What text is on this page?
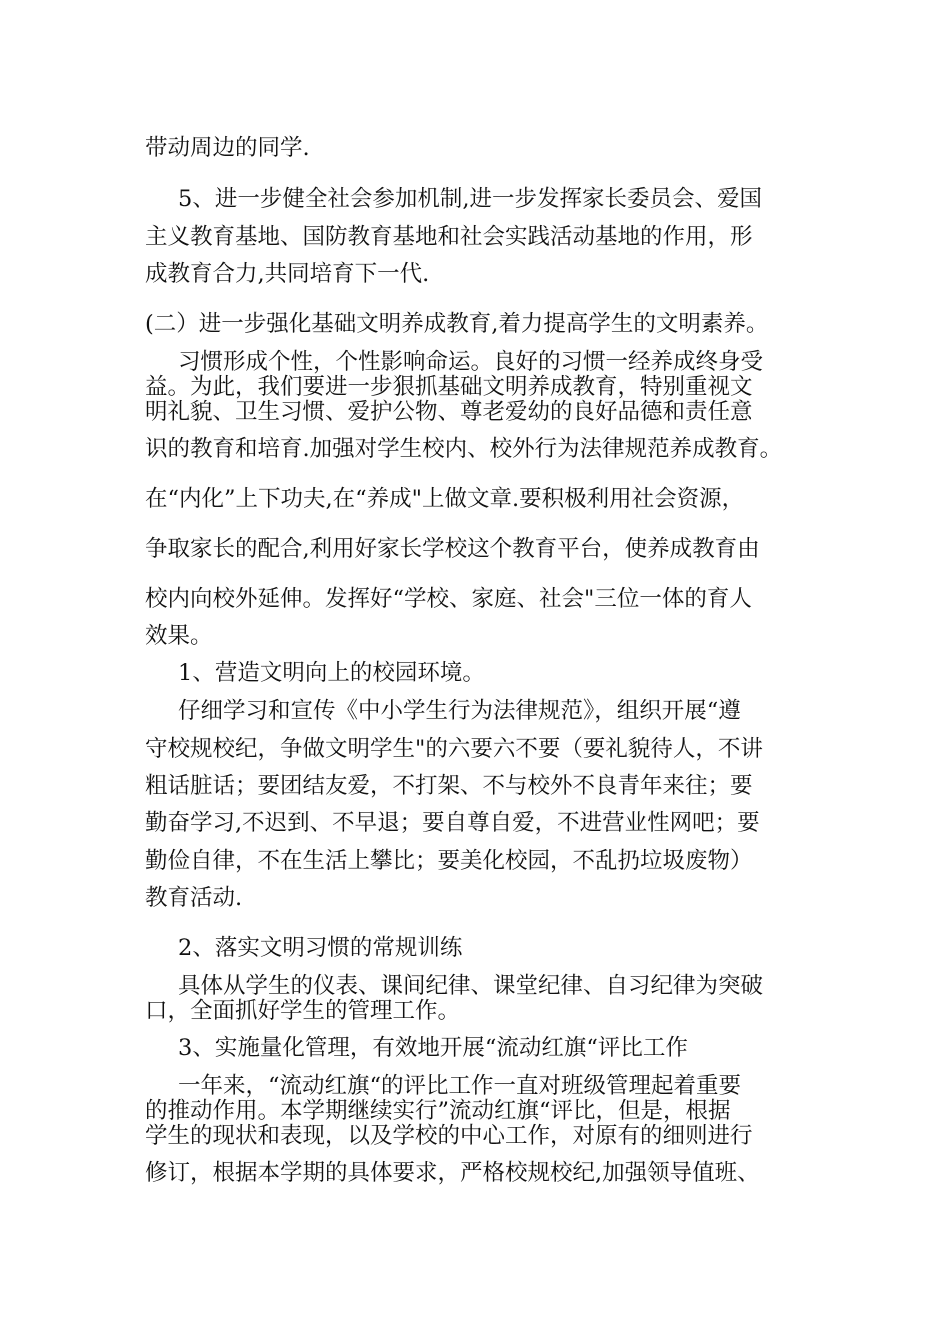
带动周边的同学.
5、进一步健全社会参加机制,进一步发挥家长委员会、爱国
主义教育基地、国防教育基地和社会实践活动基地的作用，形
成教育合力,共同培育下一代.
(二）进一步强化基础文明养成教育,着力提高学生的文明素养。
习惯形成个性，个性影响命运。良好的习惯一经养成终身受
益。为此，我们要进一步狠抓基础文明养成教育，特别重视文
明礼貌、卫生习惯、爱护公物、尊老爱幼的良好品德和责任意
识的教育和培育.加强对学生校内、校外行为法律规范养成教育。
在“内化”上下功夫,在“养成"上做文章.要积极利用社会资源，
争取家长的配合,利用好家长学校这个教育平台，使养成教育由
校内向校外延伸。发挥好“学校、家庭、社会"三位一体的育人
效果。
1、营造文明向上的校园环境。
仔细学习和宣传《中小学生行为法律规范》，组织开展“遵
守校规校纪，争做文明学生"的六要六不要（要礼貌待人，不讲
粗话脏话；要团结友爱，不打架、不与校外不良青年来往；要
勤奋学习,不迟到、不早退；要自尊自爱，不进营业性网吧；要
勤俭自律，不在生活上攀比；要美化校园，不乱扔垃圾废物）
教育活动.
2、落实文明习惯的常规训练
具体从学生的仪表、课间纪律、课堂纪律、自习纪律为突破
口，全面抓好学生的管理工作。
3、实施量化管理，有效地开展“流动红旗“评比工作
一年来，“流动红旗“的评比工作一直对班级管理起着重要
的推动作用。本学期继续实行”流动红旗“评比，但是，根据
学生的现状和表现，以及学校的中心工作，对原有的细则进行
修订，根据本学期的具体要求，严格校规校纪,加强领导值班、
